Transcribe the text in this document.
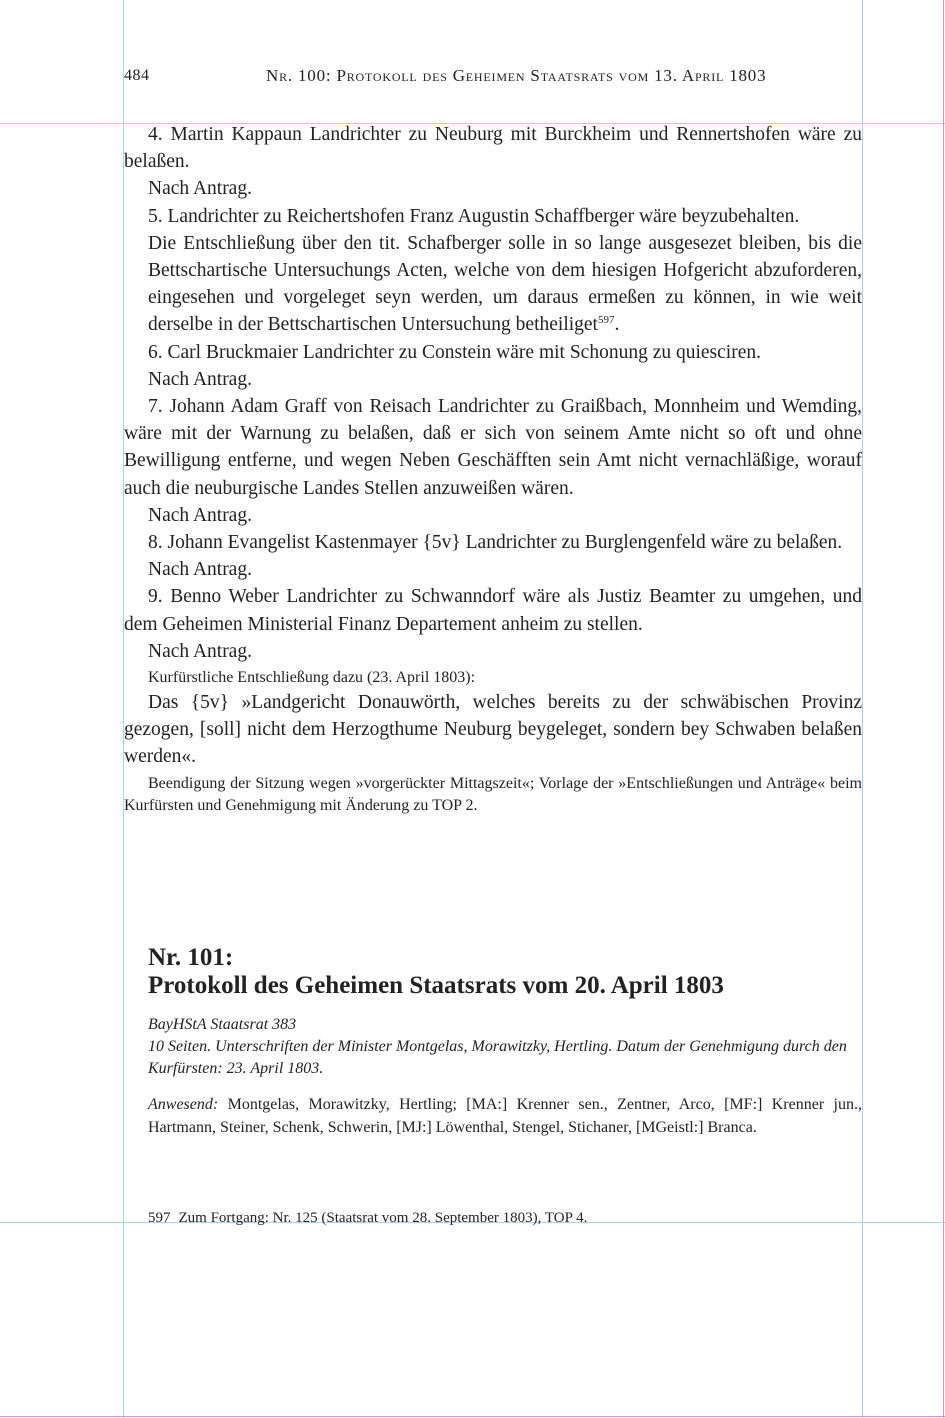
484	Nr. 100: Protokoll des Geheimen Staatsrats vom 13. April 1803

4. Martin Kappaun Landrichter zu Neuburg mit Burckheim und Rennertshofen wäre zu belaßen.

Nach Antrag.

5. Landrichter zu Reichertshofen Franz Augustin Schaffberger wäre beyzubehalten.

Die Entschließung über den tit. Schafberger solle in so lange ausgesezet bleiben, bis die Bettschartische Untersuchungs Acten, welche von dem hiesigen Hofgericht abzuforderen, eingesehen und vorgeleget seyn werden, um daraus ermeßen zu können, in wie weit derselbe in der Bettschartischen Untersuchung betheiliget$^{597}$.

6. Carl Bruckmaier Landrichter zu Constein wäre mit Schonung zu quiesciren.

Nach Antrag.

7. Johann Adam Graff von Reisach Landrichter zu Graißbach, Monnheim und Wemding, wäre mit der Warnung zu belaßen, daß er sich von seinem Amte nicht so oft und ohne Bewilligung entferne, und wegen Neben Geschäfften sein Amt nicht vernachläßige, worauf auch die neuburgische Landes Stellen anzuweißen wären.

Nach Antrag.

8. Johann Evangelist Kastenmayer {5v} Landrichter zu Burglengenfeld wäre zu belaßen.

Nach Antrag.

9. Benno Weber Landrichter zu Schwanndorf wäre als Justiz Beamter zu umgehen, und dem Geheimen Ministerial Finanz Departement anheim zu stellen.

Nach Antrag.

Kurfürstliche Entschließung dazu (23. April 1803):

Das {5v} »Landgericht Donauwörth, welches bereits zu der schwäbischen Provinz gezogen, [soll] nicht dem Herzogthume Neuburg beygeleget, sondern bey Schwaben belaßen werden«.

Beendigung der Sitzung wegen »vorgerückter Mittagszeit«; Vorlage der »Entschließungen und Anträge« beim Kurfürsten und Genehmigung mit Änderung zu TOP 2.

Nr. 101:
Protokoll des Geheimen Staatsrats vom 20. April 1803
BayHStA Staatsrat 383
10 Seiten. Unterschriften der Minister Montgelas, Morawitzky, Hertling. Datum der Genehmigung durch den Kurfürsten: 23. April 1803.

Anwesend: Montgelas, Morawitzky, Hertling; [MA:] Krenner sen., Zentner, Arco, [MF:] Krenner jun., Hartmann, Steiner, Schenk, Schwerin, [MJ:] Löwenthal, Stengel, Stichaner, [MGeistl:] Branca.

597 Zum Fortgang: Nr. 125 (Staatsrat vom 28. September 1803), TOP 4.
